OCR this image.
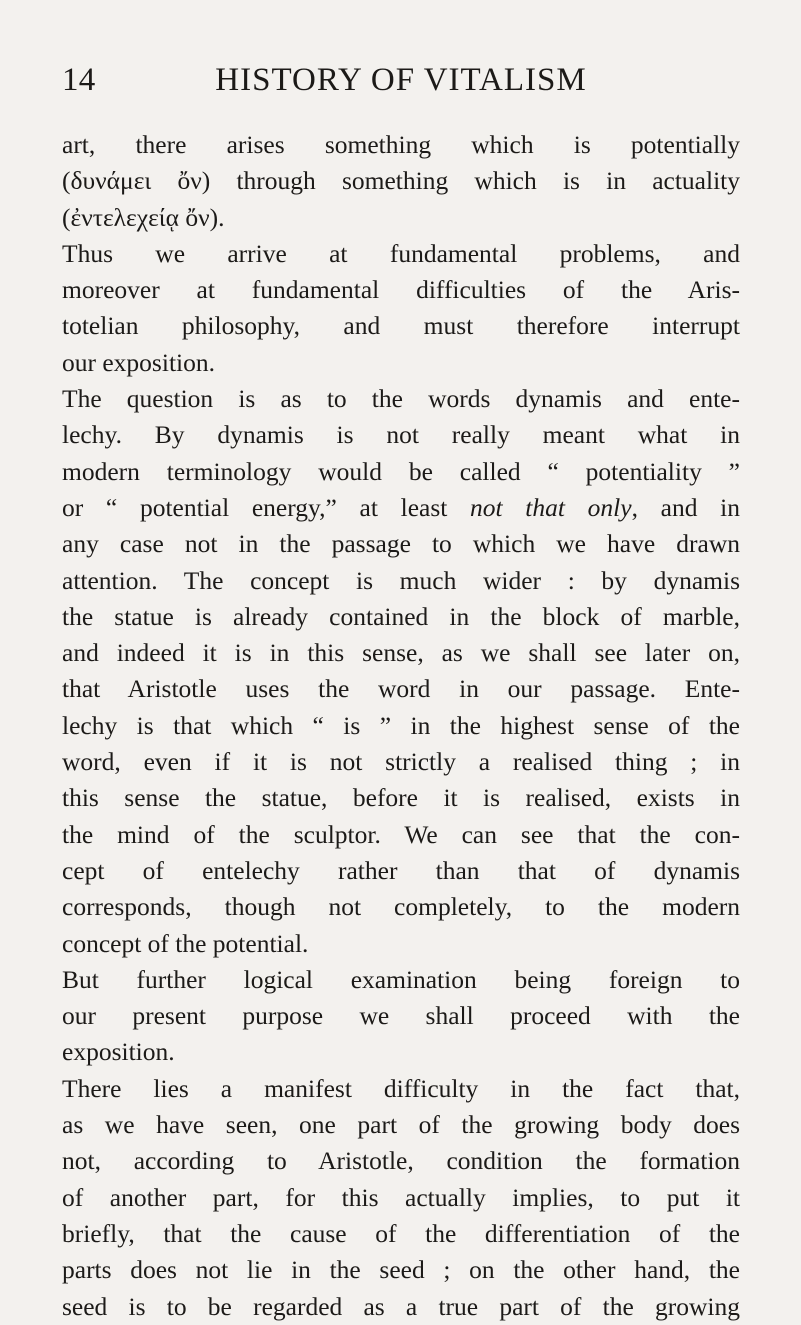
14	HISTORY OF VITALISM
art, there arises something which is potentially
(δυνάμει ὄν) through something which is in actuality
(ἐντελεχείᾳ ὄν).
Thus we arrive at fundamental problems, and
moreover at fundamental difficulties of the Aris-
totelian philosophy, and must therefore interrupt
our exposition.
The question is as to the words dynamis and ente-
lechy. By dynamis is not really meant what in
modern terminology would be called “ potentiality ”
or “ potential energy,” at least not that only, and in
any case not in the passage to which we have drawn
attention. The concept is much wider : by dynamis
the statue is already contained in the block of marble,
and indeed it is in this sense, as we shall see later on,
that Aristotle uses the word in our passage. Ente-
lechy is that which “ is ” in the highest sense of the
word, even if it is not strictly a realised thing ; in
this sense the statue, before it is realised, exists in
the mind of the sculptor. We can see that the con-
cept of entelechy rather than that of dynamis
corresponds, though not completely, to the modern
concept of the potential.
But further logical examination being foreign to
our present purpose we shall proceed with the
exposition.
There lies a manifest difficulty in the fact that,
as we have seen, one part of the growing body does
not, according to Aristotle, condition the formation
of another part, for this actually implies, to put it
briefly, that the cause of the differentiation of the
parts does not lie in the seed ; on the other hand, the
seed is to be regarded as a true part of the growing
